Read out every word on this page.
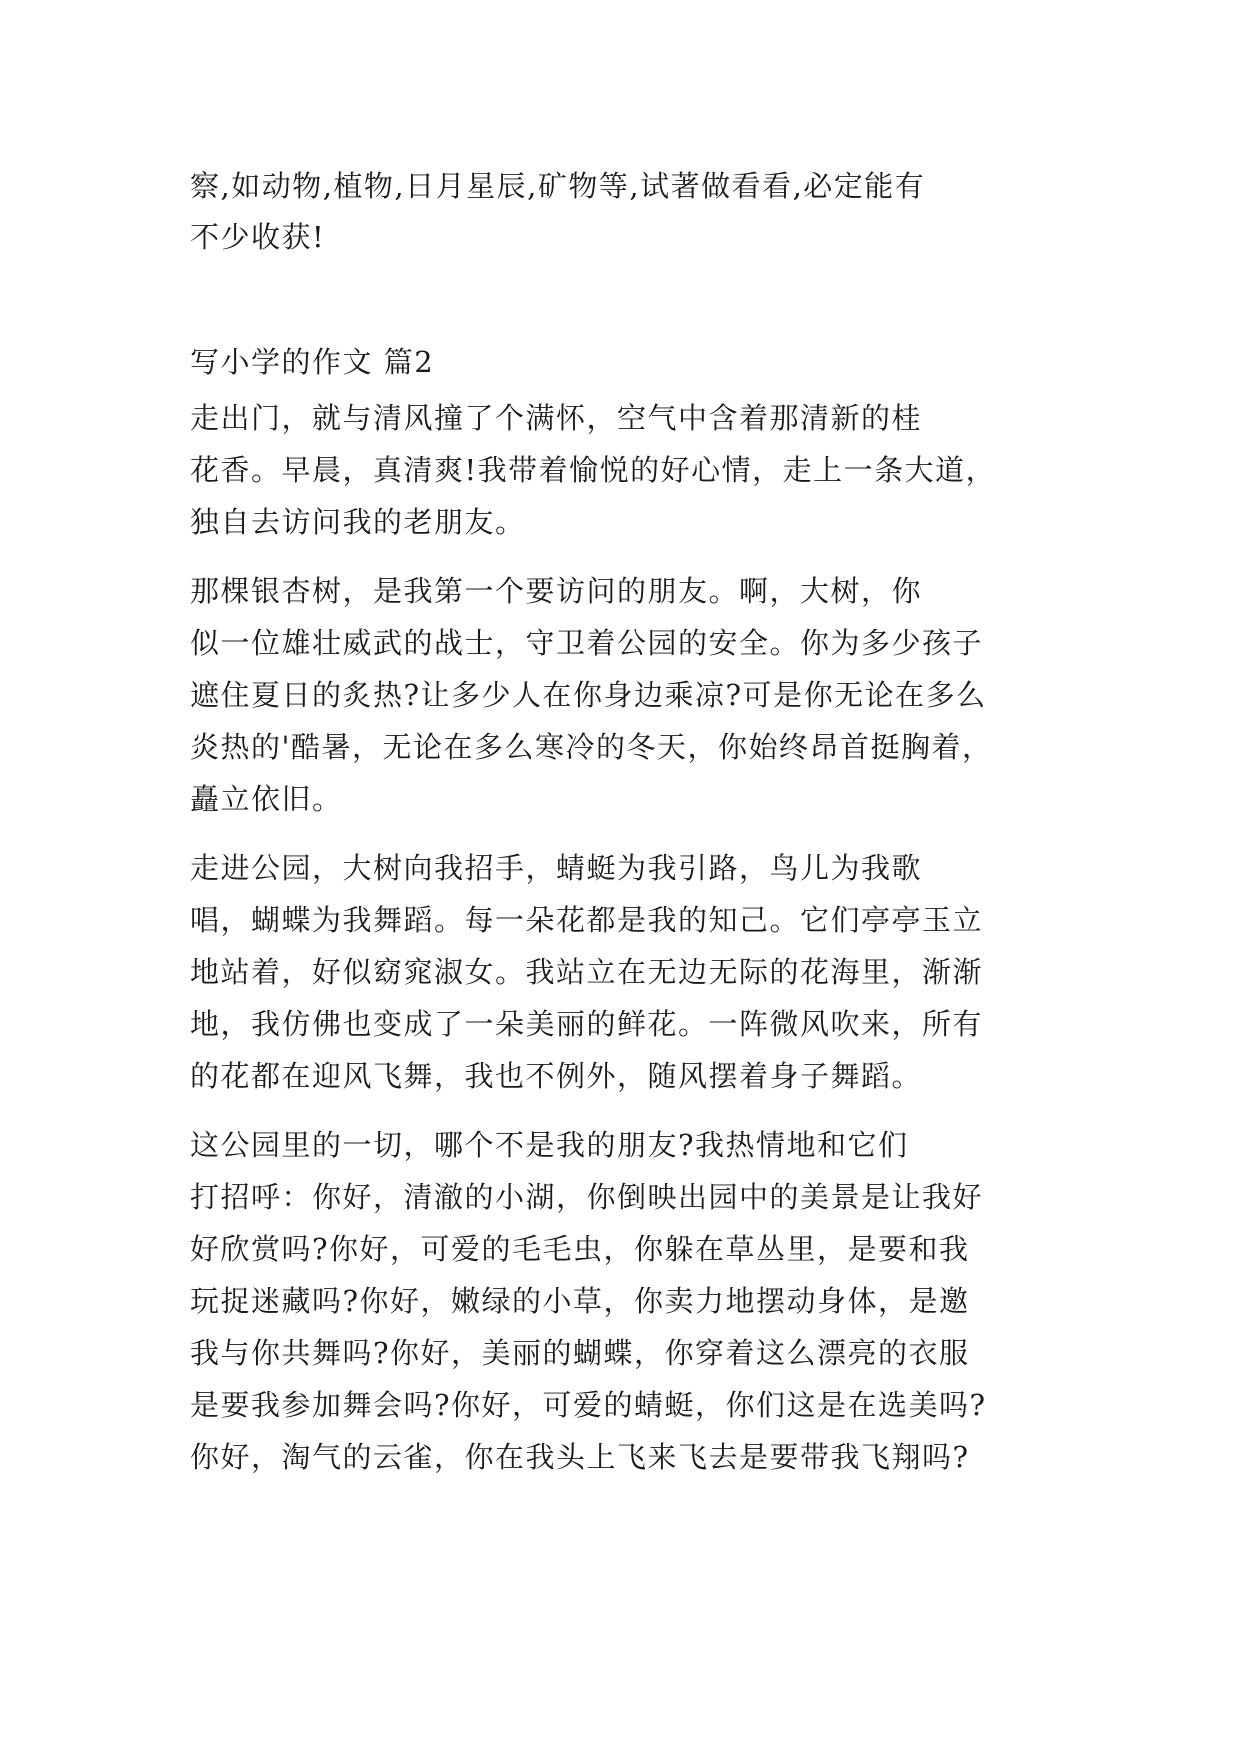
察,如动物,植物,日月星辰,矿物等,试著做看看,必定能有
不少收获!
写小学的作文 篇2
走出门，就与清风撞了个满怀，空气中含着那清新的桂
花香。早晨，真清爽!我带着愉悦的好心情，走上一条大道，
独自去访问我的老朋友。
那棵银杏树，是我第一个要访问的朋友。啊，大树，你
似一位雄壮威武的战士，守卫着公园的安全。你为多少孩子
遮住夏日的炙热?让多少人在你身边乘凉?可是你无论在多么
炎热的'酷暑，无论在多么寒冷的冬天，你始终昂首挺胸着，
矗立依旧。
走进公园，大树向我招手，蜻蜓为我引路，鸟儿为我歌
唱，蝴蝶为我舞蹈。每一朵花都是我的知己。它们亭亭玉立
地站着，好似窈窕淑女。我站立在无边无际的花海里，渐渐
地，我仿佛也变成了一朵美丽的鲜花。一阵微风吹来，所有
的花都在迎风飞舞，我也不例外，随风摆着身子舞蹈。
这公园里的一切，哪个不是我的朋友?我热情地和它们
打招呼：你好，清澈的小湖，你倒映出园中的美景是让我好
好欣赏吗?你好，可爱的毛毛虫，你躲在草丛里，是要和我
玩捉迷藏吗?你好，嫩绿的小草，你卖力地摆动身体，是邀
我与你共舞吗?你好，美丽的蝴蝶，你穿着这么漂亮的衣服
是要我参加舞会吗?你好，可爱的蜻蜓，你们这是在选美吗?
你好，淘气的云雀，你在我头上飞来飞去是要带我飞翔吗?
